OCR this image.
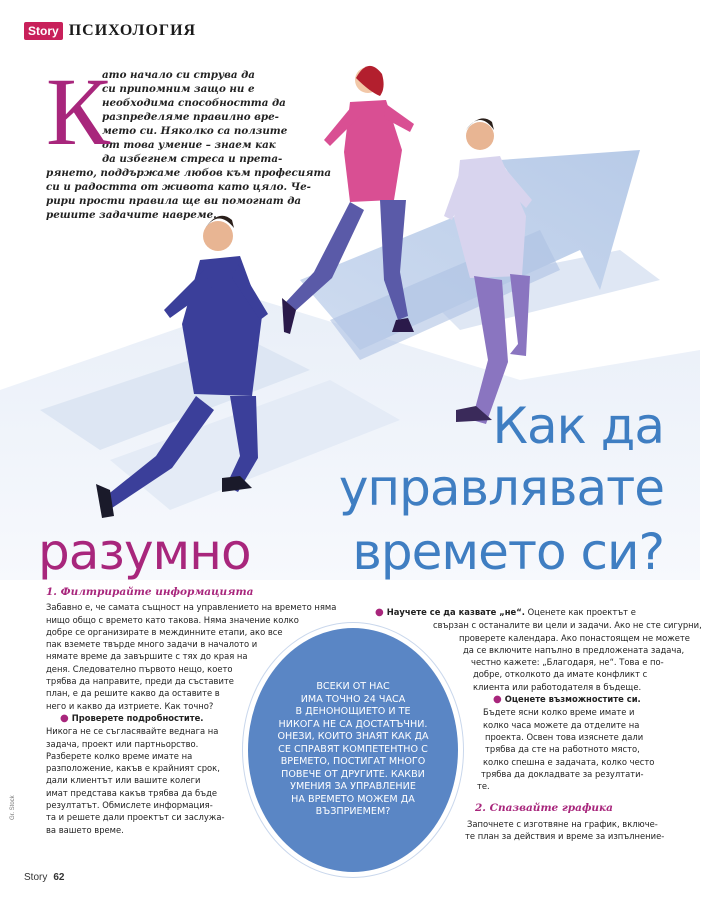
Story ПСИХОЛОГИЯ
К
ато начало си струва да
си припомним защо ни е
необходима способността да
разпределяме правилно вре-
мето си. Няколко са ползите
от това умение – знаем как
да избегнем стреса и прета-
рянето, поддържаме любов към професията
си и радостта от живота като цяло. Че-
рири прости правила ще ви помогнат да
решите задачите навреме.
Как да
управлявате
разумно времето си?
1. Филтрирайте информацията
Забавно е, че самата същност на управлението на времето няма
нищо общо с времето като такова. Няма значение колко
добре се организирате в междинните етапи, ако все
пак вземете твърде много задачи в началото и
нямате време да завършите с тях до края на
деня. Следователно първото нещо, което
трябва да направите, преди да съставите
план, е да решите какво да оставите в
него и какво да изтриете. Как точно?
● Проверете подробностите.
Никога не се съгласявайте веднага на
задача, проект или партньорство.
Разберете колко време имате на
разположение, какъв е крайният срок,
дали клиентът или вашите колеги
имат представа какъв трябва да бъде
резултатът. Обмислете информация-
та и решете дали проектът си заслужа-
ва вашето време.
● Научете се да казвате „не“. Оценете как проектът е
свързан с останалите ви цели и задачи. Ако не сте сигурни,
проверете календара. Ако понастоящем не можете
да се включите напълно в предложената задача,
честно кажете: „Благодаря, не“. Това е по-
добре, отколкото да имате конфликт с
клиента или работодателя в бъдеще.
● Оценете възможностите си.
Бъдете ясни колко време имате и
колко часа можете да отделите на
проекта. Освен това изяснете дали
трябва да сте на работното място,
колко спешна е задачата, колко често
трябва да докладвате за резултати-
те.
2. Спазвайте графика
Започнете с изготвяне на график, включе-
те план за действия и време за изпълнение-
ВСЕКИ ОТ НАС
ИМА ТОЧНО 24 ЧАСА
В ДЕНОНОЩИЕТО И ТЕ
НИКОГА НЕ СА ДОСТАТЪЧНИ.
ОНЕЗИ, КОИТО ЗНАЯТ КАК ДА
СЕ СПРАВЯТ КОМПЕТЕНТНО С
ВРЕМЕТО, ПОСТИГАТ МНОГО
ПОВЕЧЕ ОТ ДРУГИТЕ. КАКВИ
УМЕНИЯ ЗА УПРАВЛЕНИЕ
НА ВРЕМЕТО МОЖЕМ ДА
ВЪЗПРИЕМЕМ?
Gr. Stock
Story 62
